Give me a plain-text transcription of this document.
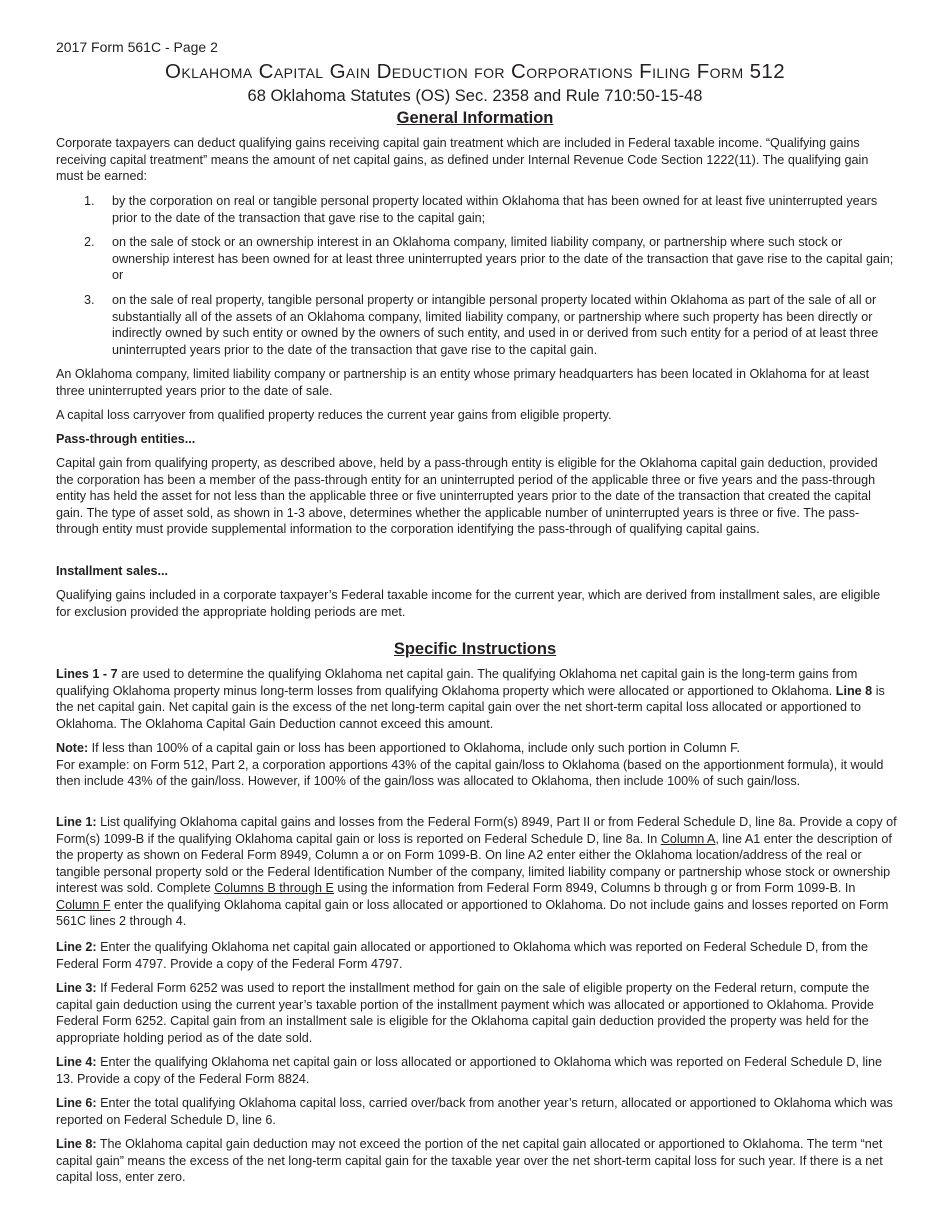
2017 Form 561C - Page 2
Oklahoma Capital Gain Deduction for Corporations Filing Form 512
68 Oklahoma Statutes (OS) Sec. 2358 and Rule 710:50-15-48
General Information

Corporate taxpayers can deduct qualifying gains receiving capital gain treatment which are included in Federal taxable income. “Qualifying gains receiving capital treatment” means the amount of net capital gains, as defined under Internal Revenue Code Section 1222(11). The qualifying gain must be earned:

1.	by the corporation on real or tangible personal property located within Oklahoma that has been owned for at least five uninterrupted years prior to the date of the transaction that gave rise to the capital gain;
2.	on the sale of stock or an ownership interest in an Oklahoma company, limited liability company, or partnership where such stock or ownership interest has been owned for at least three uninterrupted years prior to the date of the transaction that gave rise to the capital gain; or
3.	on the sale of real property, tangible personal property or intangible personal property located within Oklahoma as part of the sale of all or substantially all of the assets of an Oklahoma company, limited liability company, or partnership where such property has been directly or indirectly owned by such entity or owned by the owners of such entity, and used in or derived from such entity for a period of at least three uninterrupted years prior to the date of the transaction that gave rise to the capital gain.

An Oklahoma company, limited liability company or partnership is an entity whose primary headquarters has been located in Oklahoma for at least three uninterrupted years prior to the date of sale.

A capital loss carryover from qualified property reduces the current year gains from eligible property.

Pass-through entities...

Capital gain from qualifying property, as described above, held by a pass-through entity is eligible for the Oklahoma capital gain deduction, provided the corporation has been a member of the pass-through entity for an uninterrupted period of the applicable three or five years and the pass-through entity has held the asset for not less than the applicable three or five uninterrupted years prior to the date of the transaction that created the capital gain. The type of asset sold, as shown in 1-3 above, determines whether the applicable number of uninterrupted years is three or five. The pass-through entity must provide supplemental information to the corporation identifying the pass-through of qualifying capital gains.

Installment sales...

Qualifying gains included in a corporate taxpayer’s Federal taxable income for the current year, which are derived from installment sales, are eligible for exclusion provided the appropriate holding periods are met.

Specific Instructions

Lines 1 - 7 are used to determine the qualifying Oklahoma net capital gain. The qualifying Oklahoma net capital gain is the long-term gains from qualifying Oklahoma property minus long-term losses from qualifying Oklahoma property which were allocated or apportioned to Oklahoma. Line 8 is the net capital gain. Net capital gain is the excess of the net long-term capital gain over the net short-term capital loss allocated or apportioned to Oklahoma. The Oklahoma Capital Gain Deduction cannot exceed this amount.

Note: If less than 100% of a capital gain or loss has been apportioned to Oklahoma, include only such portion in Column F.
For example: on Form 512, Part 2, a corporation apportions 43% of the capital gain/loss to Oklahoma (based on the apportionment formula), it would then include 43% of the gain/loss. However, if 100% of the gain/loss was allocated to Oklahoma, then include 100% of such gain/loss.

Line 1: List qualifying Oklahoma capital gains and losses from the Federal Form(s) 8949, Part II or from Federal Schedule D, line 8a. Provide a copy of Form(s) 1099-B if the qualifying Oklahoma capital gain or loss is reported on Federal Schedule D, line 8a. In Column A, line A1 enter the description of the property as shown on Federal Form 8949, Column a or on Form 1099-B. On line A2 enter either the Oklahoma location/address of the real or tangible personal property sold or the Federal Identification Number of the company, limited liability company or partnership whose stock or ownership interest was sold. Complete Columns B through E using the information from Federal Form 8949, Columns b through g or from Form 1099-B. In Column F enter the qualifying Oklahoma capital gain or loss allocated or apportioned to Oklahoma. Do not include gains and losses reported on Form 561C lines 2 through 4.

Line 2: Enter the qualifying Oklahoma net capital gain allocated or apportioned to Oklahoma which was reported on Federal Schedule D, from the Federal Form 4797. Provide a copy of the Federal Form 4797.

Line 3: If Federal Form 6252 was used to report the installment method for gain on the sale of eligible property on the Federal return, compute the capital gain deduction using the current year’s taxable portion of the installment payment which was allocated or apportioned to Oklahoma. Provide Federal Form 6252. Capital gain from an installment sale is eligible for the Oklahoma capital gain deduction provided the property was held for the appropriate holding period as of the date sold.

Line 4: Enter the qualifying Oklahoma net capital gain or loss allocated or apportioned to Oklahoma which was reported on Federal Schedule D, line 13. Provide a copy of the Federal Form 8824.

Line 6: Enter the total qualifying Oklahoma capital loss, carried over/back from another year’s return, allocated or apportioned to Oklahoma which was reported on Federal Schedule D, line 6.

Line 8: The Oklahoma capital gain deduction may not exceed the portion of the net capital gain allocated or apportioned to Oklahoma. The term “net capital gain” means the excess of the net long-term capital gain for the taxable year over the net short-term capital loss for such year. If there is a net capital loss, enter zero.
